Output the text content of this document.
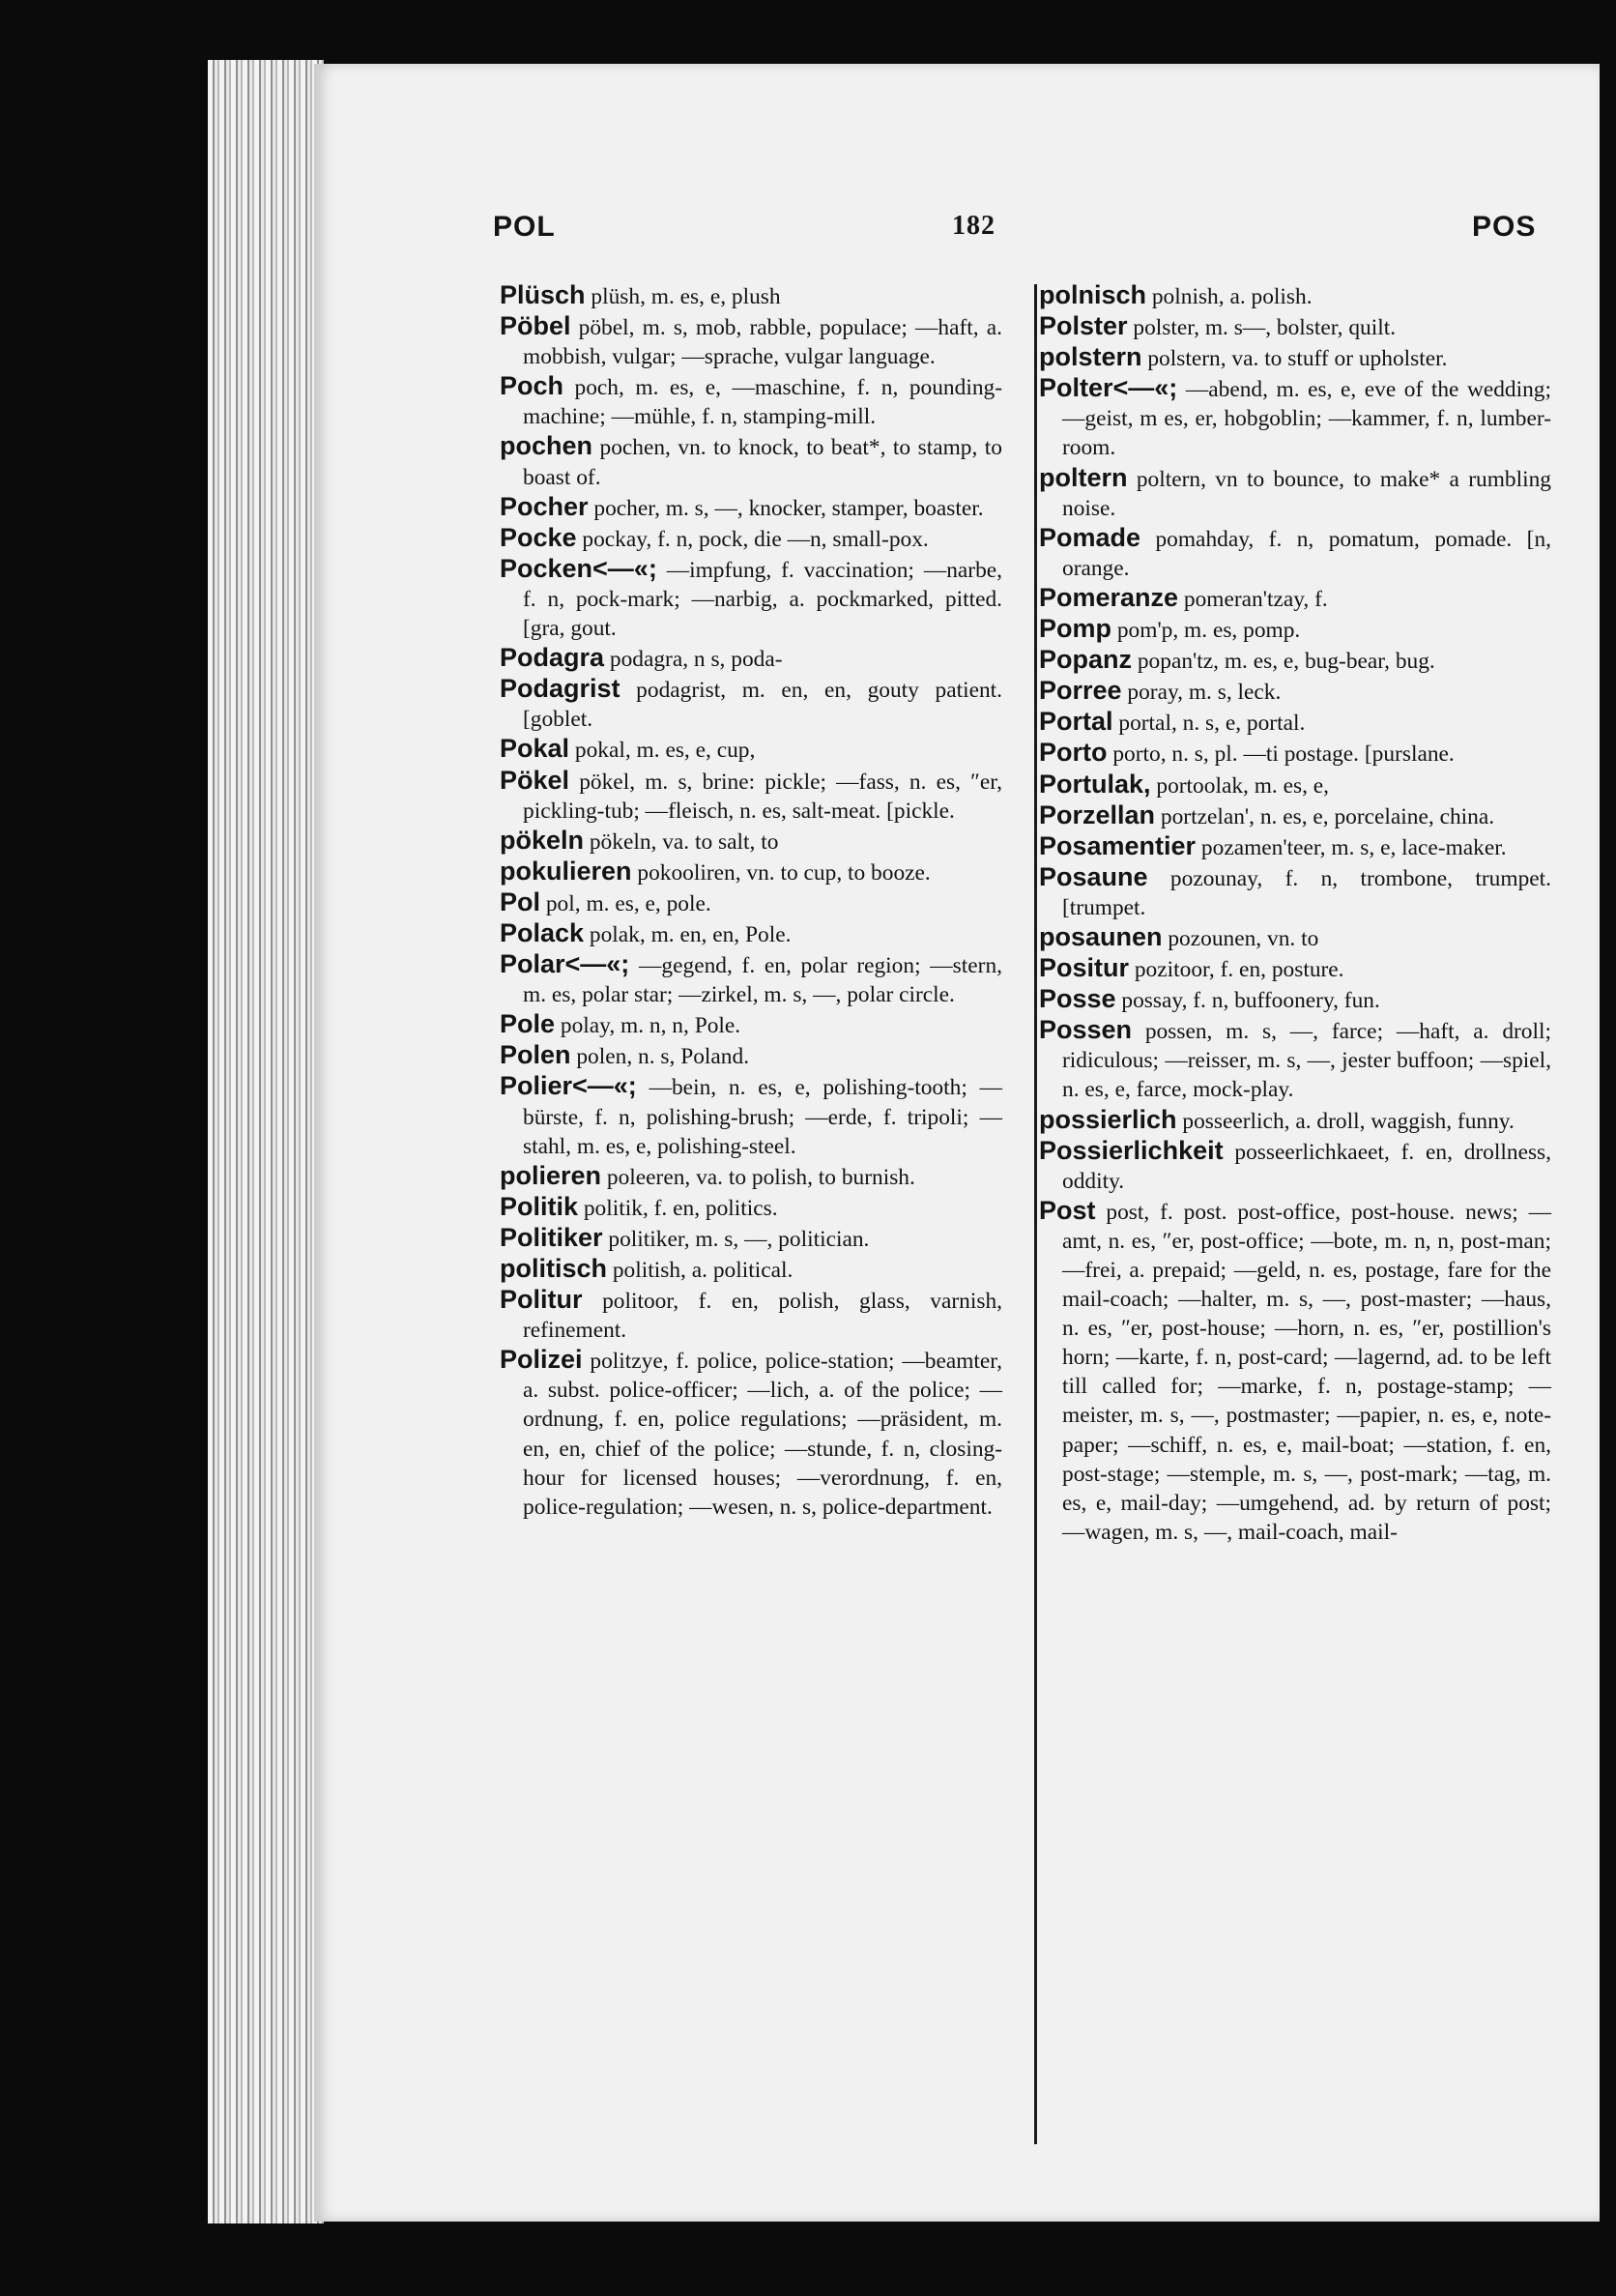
POL	182	POS

Plüsch plüsh, m. es, e, plush

Pöbel pöbel, m. s, mob, rabble, populace; —haft, a. mobbish, vulgar; —sprache, vulgar language.

Poch poch, m. es, e, —maschine, f. n, pounding-machine; —mühle, f. n, stamping-mill.

pochen pochen, vn. to knock, to beat*, to stamp, to boast of.

Pocher pocher, m. s, —, knocker, stamper, boaster.

Pocke pockay, f. n, pock, die —n, small-pox.

Pocken<—«; —impfung, f. vaccination; —narbe, f. n, pock-mark; —narbig, a. pockmarked, pitted. [gra, gout.

Podagra podagra, n s, poda-

Podagrist podagrist, m. en, en, gouty patient. [goblet.

Pokal pokal, m. es, e, cup,

Pökel pökel, m. s, brine: pickle; —fass, n. es, ″er, pickling-tub; —fleisch, n. es, salt-meat. [pickle.

pökeln pökeln, va. to salt, to

pokulieren pokooliren, vn. to cup, to booze.

Pol pol, m. es, e, pole.

Polack polak, m. en, en, Pole.

Polar<—«; —gegend, f. en, polar region; —stern, m. es, polar star; —zirkel, m. s, —, polar circle.

Pole polay, m. n, n, Pole.

Polen polen, n. s, Poland.

Polier<—«; —bein, n. es, e, polishing-tooth; —bürste, f. n, polishing-brush; —erde, f. tripoli; —stahl, m. es, e, polishing-steel.

polieren poleeren, va. to polish, to burnish.

Politik politik, f. en, politics.

Politiker politiker, m. s, —, politician.

politisch politish, a. political.

Politur politoor, f. en, polish, glass, varnish, refinement.

Polizei politzye, f. police, police-station; —beamter, a. subst. police-officer; —lich, a. of the police; —ordnung, f. en, police regulations; —präsident, m. en, en, chief of the police; —stunde, f. n, closing-hour for licensed houses; —verordnung, f. en, police-regulation; —wesen, n. s, police-department.

polnisch polnish, a. polish.

Polster polster, m. s—, bolster, quilt.

polstern polstern, va. to stuff or upholster.

Polter<—«; —abend, m. es, e, eve of the wedding; —geist, m es, er, hobgoblin; —kammer, f. n, lumber-room.

poltern poltern, vn to bounce, to make* a rumbling noise.

Pomade pomahday, f. n, pomatum, pomade. [n, orange.

Pomeranze pomeran'tzay, f.

Pomp pom'p, m. es, pomp.

Popanz popan'tz, m. es, e, bug-bear, bug.

Porree poray, m. s, leck.

Portal portal, n. s, e, portal.

Porto porto, n. s, pl. —ti postage. [purslane.

Portulak, portoolak, m. es, e,

Porzellan portzelan', n. es, e, porcelaine, china.

Posamentier pozamen'teer, m. s, e, lace-maker.

Posaune pozounay, f. n, trombone, trumpet. [trumpet.

posaunen pozounen, vn. to

Positur pozitoor, f. en, posture.

Posse possay, f. n, buffoonery, fun.

Possen possen, m. s, —, farce; —haft, a. droll; ridiculous; —reisser, m. s, —, jester buffoon; —spiel, n. es, e, farce, mock-play.

possierlich posseerlich, a. droll, waggish, funny.

Possierlichkeit posseerlichkaeet, f. en, drollness, oddity.

Post post, f. post. post-office, post-house. news; —amt, n. es, ″er, post-office; —bote, m. n, n, post-man; —frei, a. prepaid; —geld, n. es, postage, fare for the mail-coach; —halter, m. s, —, post-master; —haus, n. es, ″er, post-house; —horn, n. es, ″er, postillion's horn; —karte, f. n, post-card; —lagernd, ad. to be left till called for; —marke, f. n, postage-stamp; —meister, m. s, —, postmaster; —papier, n. es, e, note-paper; —schiff, n. es, e, mail-boat; —station, f. en, post-stage; —stemple, m. s, —, post-mark; —tag, m. es, e, mail-day; —umgehend, ad. by return of post; —wagen, m. s, —, mail-coach, mail-
